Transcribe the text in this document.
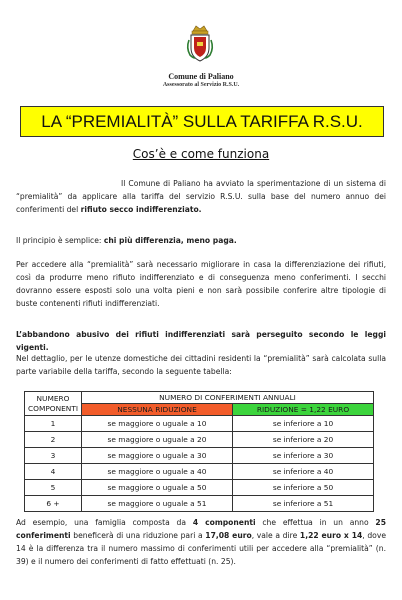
Comune di Paliano
Assessorato al Servizio R.S.U.
LA “PREMIALITÀ” SULLA TARIFFA R.S.U.
Cos’è e come funziona
Il Comune di Paliano ha avviato la sperimentazione di un sistema di “premialità” da applicare alla tariffa del servizio R.S.U. sulla base del numero annuo dei conferimenti del rifiuto secco indifferenziato.
Il principio è semplice: chi più differenzia, meno paga.
Per accedere alla “premialità” sarà necessario migliorare in casa la differenziazione dei rifiuti, così da produrre meno rifiuto indifferenziato e di conseguenza meno conferimenti. I secchi dovranno essere esposti solo una volta pieni e non sarà possibile conferire altre tipologie di buste contenenti rifiuti indifferenziati.
L’abbandono abusivo dei rifiuti indifferenziati sarà perseguito secondo le leggi vigenti.
Nel dettaglio, per le utenze domestiche dei cittadini residenti la “premialità” sarà calcolata sulla parte variabile della tariffa, secondo la seguente tabella:
NUMERO
COMPONENTI	NUMERO DI CONFERIMENTI ANNUALI	
	NESSUNA RIDUZIONE	RIDUZIONE = 1,22 EURO
1	se maggiore o uguale a 10	se inferiore a 10
2	se maggiore o uguale a 20	se inferiore a 20
3	se maggiore o uguale a 30	se inferiore a 30
4	se maggiore o uguale a 40	se inferiore a 40
5	se maggiore o uguale a 50	se inferiore a 50
6 +	se maggiore o uguale a 51	se inferiore a 51
Ad esempio, una famiglia composta da 4 componenti che effettua in un anno 25 conferimenti beneficerà di una riduzione pari a 17,08 euro, vale a dire 1,22 euro x 14, dove 14 è la differenza tra il numero massimo di conferimenti utili per accedere alla “premialità” (n. 39) e il numero dei conferimenti di fatto effettuati (n. 25).
